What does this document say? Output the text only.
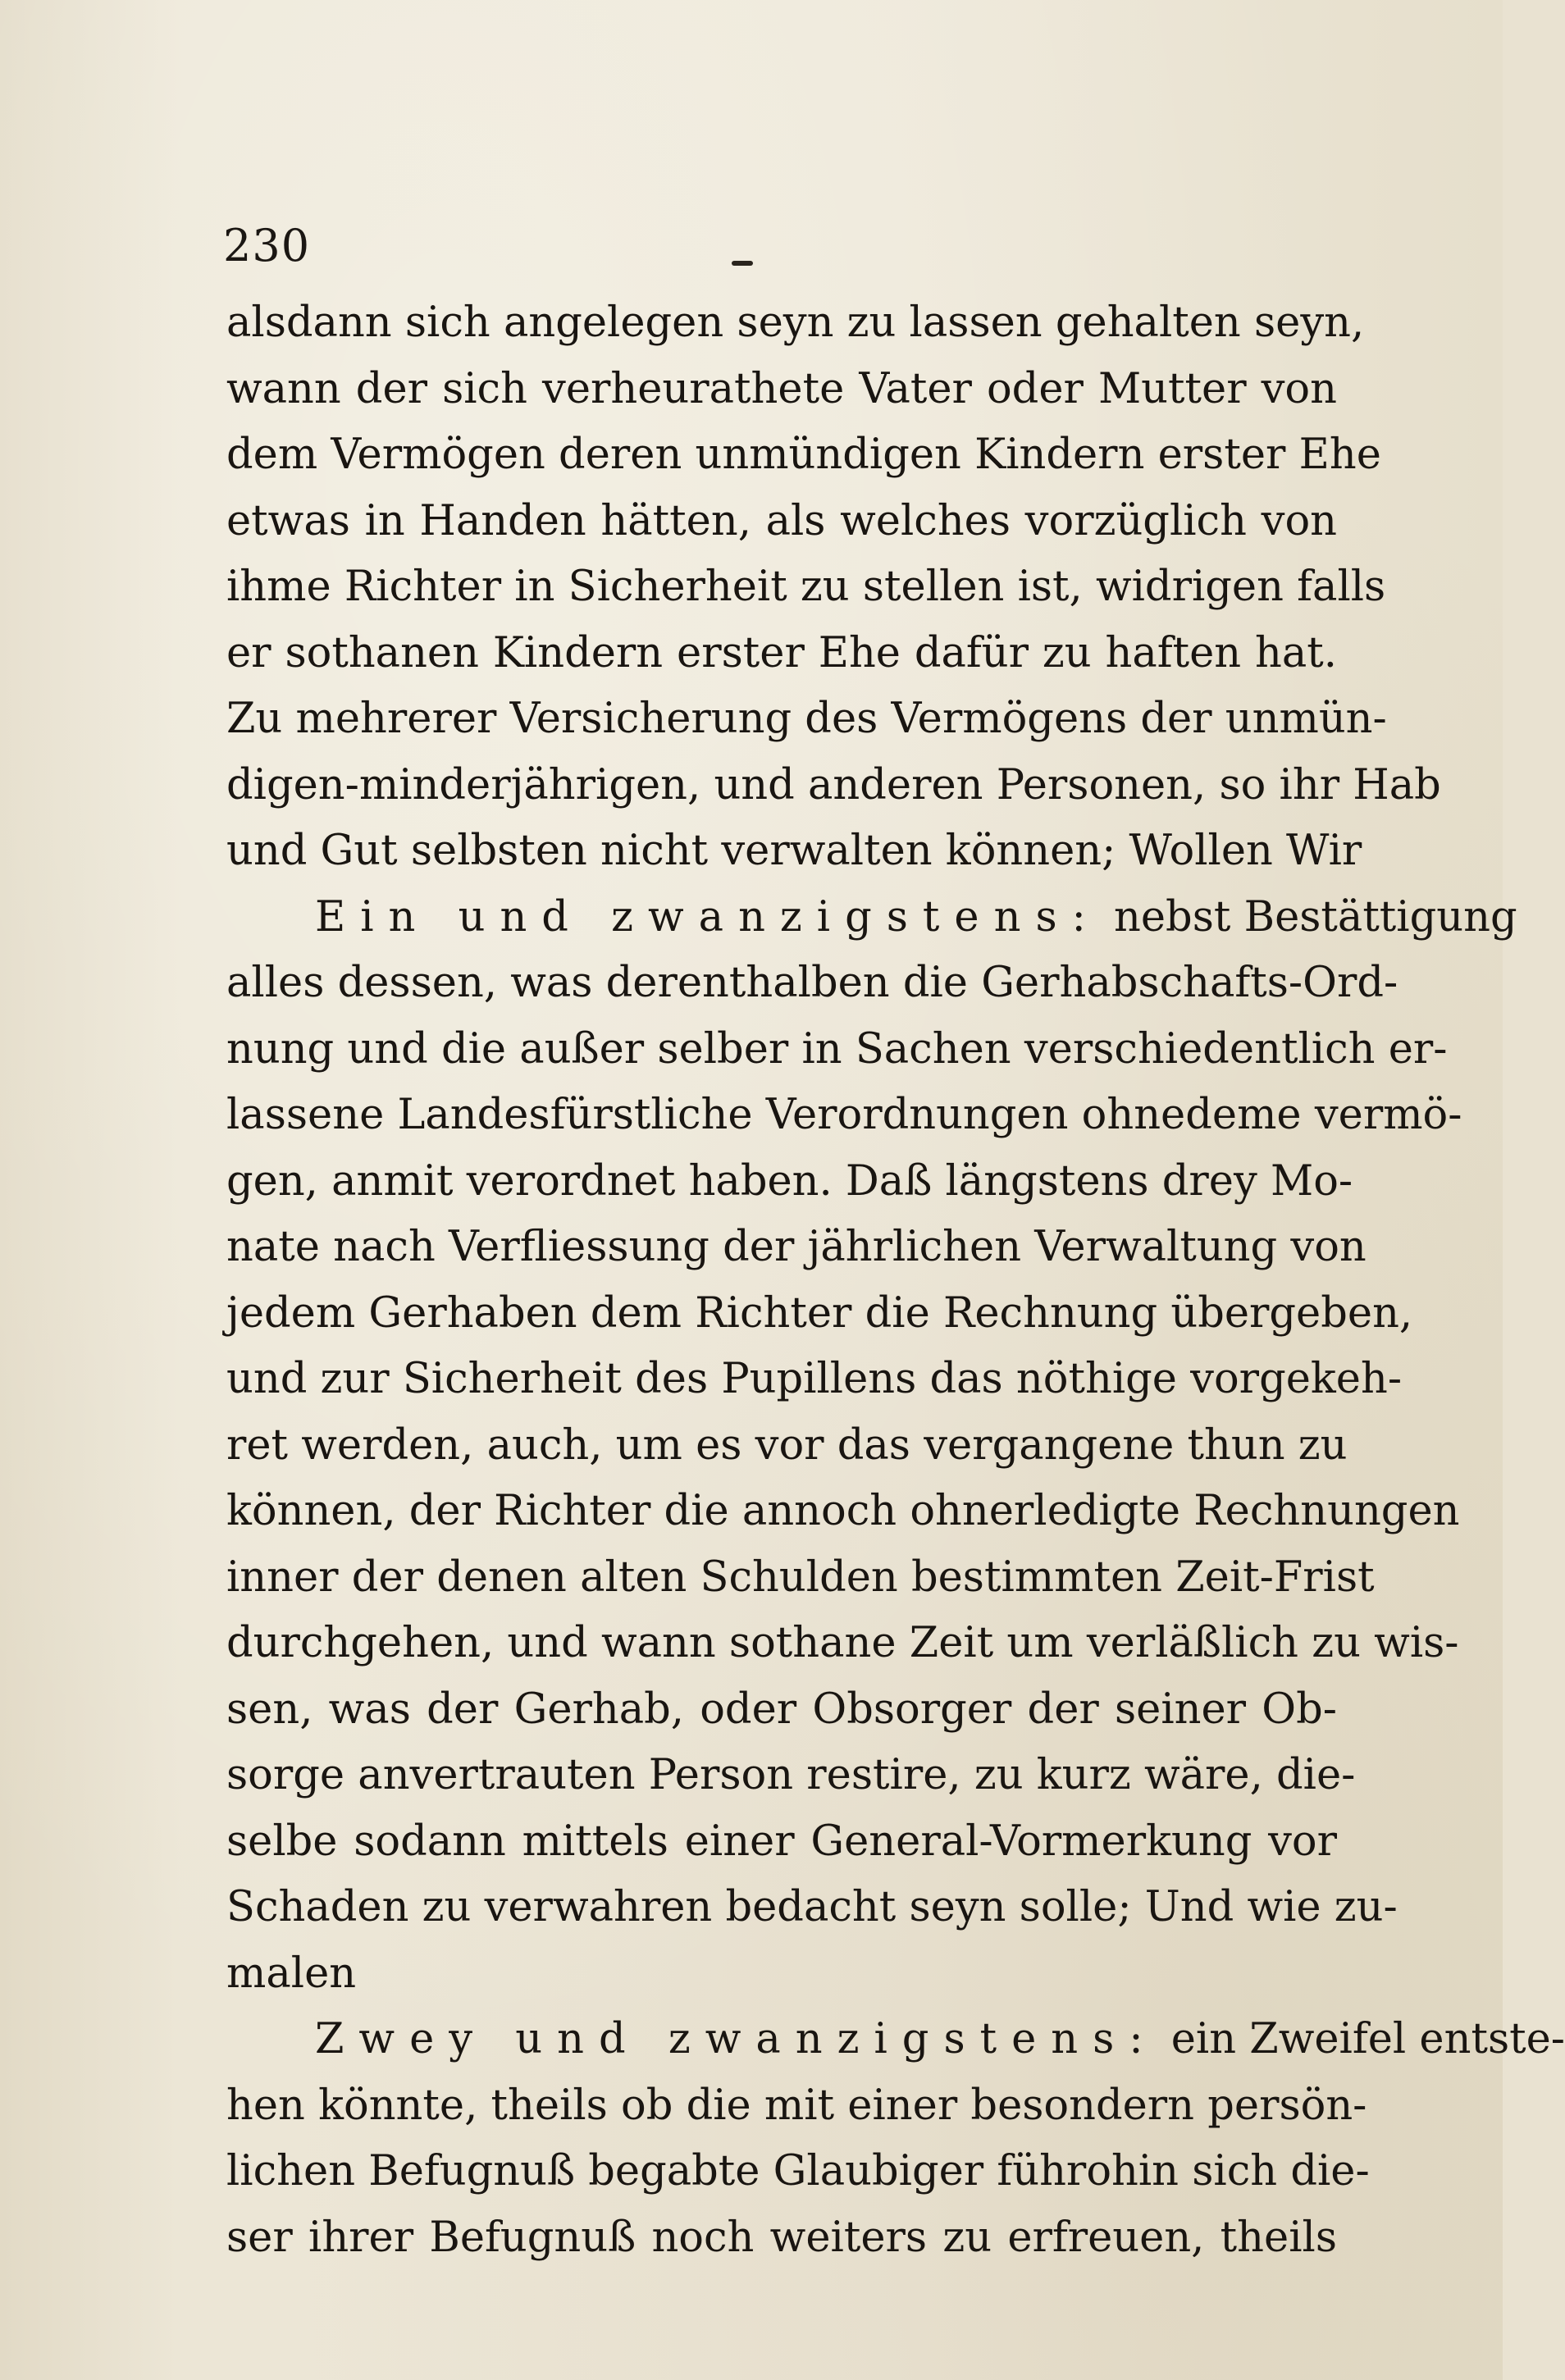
230
alsdann sich angelegen seyn zu lassen gehalten seyn,
wann der sich verheurathete Vater oder Mutter von
dem Vermögen deren unmündigen Kindern erster Ehe
etwas in Handen hätten, als welches vorzüglich von
ihme Richter in Sicherheit zu stellen ist, widrigen falls
er sothanen Kindern erster Ehe dafür zu haften hat.
Zu mehrerer Versicherung des Vermögens der unmün-
digen-minderjährigen, und anderen Personen, so ihr Hab
und Gut selbsten nicht verwalten können; Wollen Wir
Ein und zwanzigstens: nebst Bestättigung
alles dessen, was derenthalben die Gerhabschafts-Ord-
nung und die außer selber in Sachen verschiedentlich er-
lassene Landesfürstliche Verordnungen ohnedeme vermö-
gen, anmit verordnet haben. Daß längstens drey Mo-
nate nach Verfliessung der jährlichen Verwaltung von
jedem Gerhaben dem Richter die Rechnung übergeben,
und zur Sicherheit des Pupillens das nöthige vorgekeh-
ret werden, auch, um es vor das vergangene thun zu
können, der Richter die annoch ohnerledigte Rechnungen
inner der denen alten Schulden bestimmten Zeit-Frist
durchgehen, und wann sothane Zeit um verläßlich zu wis-
sen, was der Gerhab, oder Obsorger der seiner Ob-
sorge anvertrauten Person restire, zu kurz wäre, die-
selbe sodann mittels einer General-Vormerkung vor
Schaden zu verwahren bedacht seyn solle; Und wie zu-
malen
Zwey und zwanzigstens: ein Zweifel entste-
hen könnte, theils ob die mit einer besondern persön-
lichen Befugnuß begabte Glaubiger führohin sich die-
ser ihrer Befugnuß noch weiters zu erfreuen, theils
